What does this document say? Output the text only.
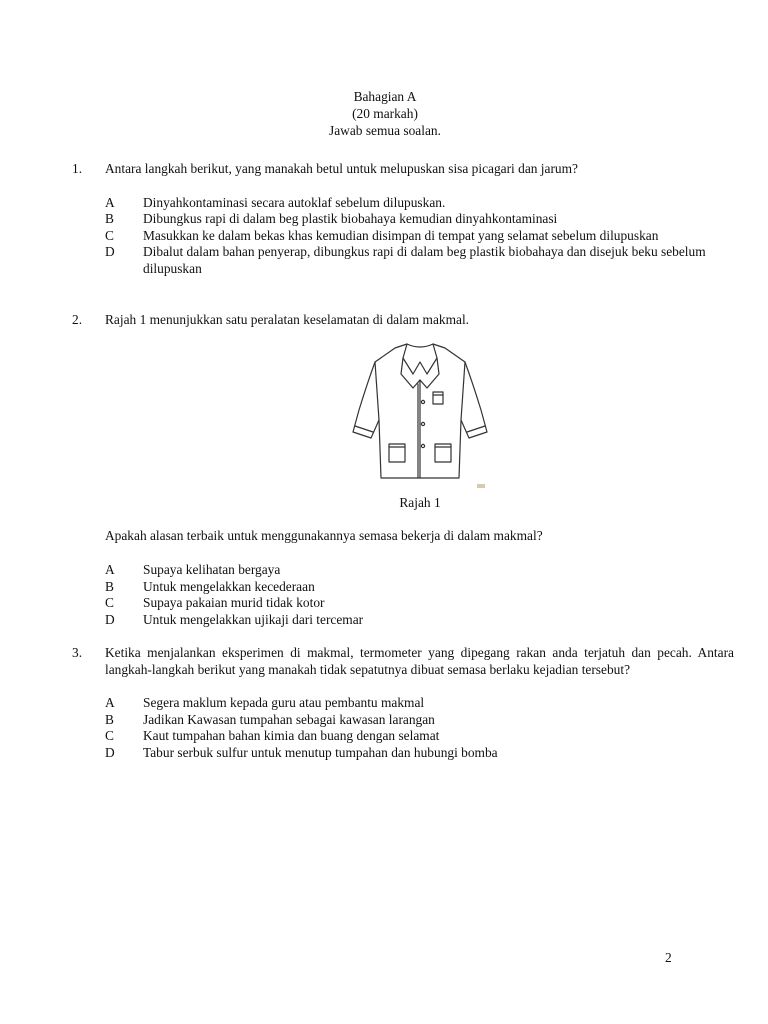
Bahagian A
(20 markah)
Jawab semua soalan.
1. Antara langkah berikut, yang manakah betul untuk melupuskan sisa picagari dan jarum?
A Dinyahkontaminasi secara autoklaf sebelum dilupuskan.
B Dibungkus rapi di dalam beg plastik biobahaya kemudian dinyahkontaminasi
C Masukkan ke dalam bekas khas kemudian disimpan di tempat yang selamat sebelum dilupuskan
D Dibalut dalam bahan penyerap, dibungkus rapi di dalam beg plastik biobahaya dan disejuk beku sebelum dilupuskan
2. Rajah 1 menunjukkan satu peralatan keselamatan di dalam makmal.
Rajah 1
Apakah alasan terbaik untuk menggunakannya semasa bekerja di dalam makmal?
A Supaya kelihatan bergaya
B Untuk mengelakkan kecederaan
C Supaya pakaian murid tidak kotor
D Untuk mengelakkan ujikaji dari tercemar
3. Ketika menjalankan eksperimen di makmal, termometer yang dipegang rakan anda terjatuh dan pecah. Antara langkah-langkah berikut yang manakah tidak sepatutnya dibuat semasa berlaku kejadian tersebut?
A Segera maklum kepada guru atau pembantu makmal
B Jadikan Kawasan tumpahan sebagai kawasan larangan
C Kaut tumpahan bahan kimia dan buang dengan selamat
D Tabur serbuk sulfur untuk menutup tumpahan dan hubungi bomba
2
